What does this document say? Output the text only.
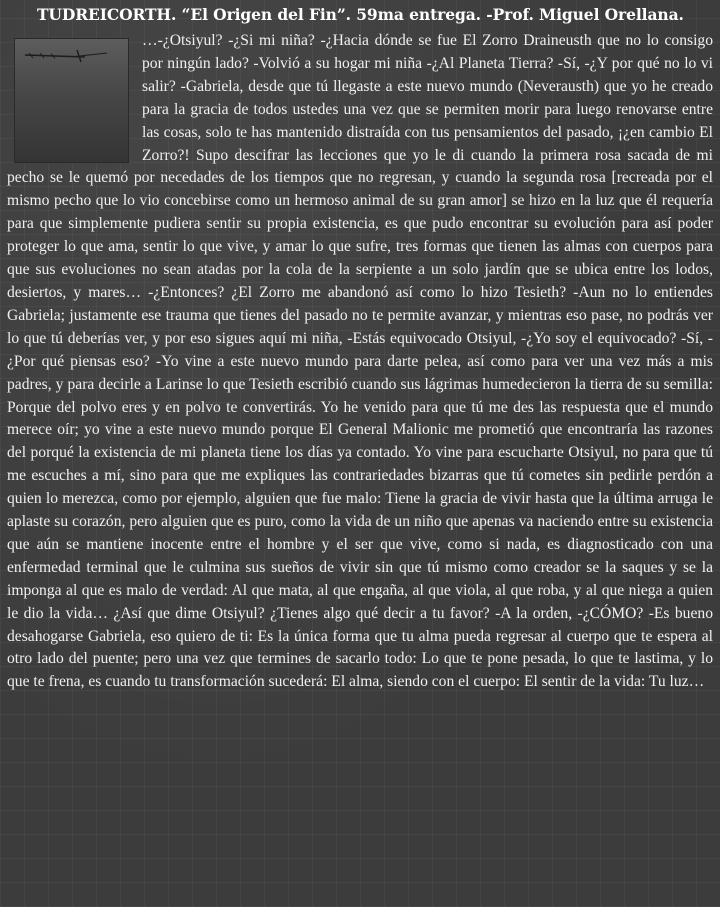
TUDREICORTH. “El Origen del Fin”. 59ma entrega. -Prof. Miguel Orellana.

…-¿Otsiyul? -¿Si mi niña? -¿Hacia dónde se fue El Zorro Draineusth que no lo consigo por ningún lado? -Volvió a su hogar mi niña -¿Al Planeta Tierra? -Sí, -¿Y por qué no lo vi salir? -Gabriela, desde que tú llegaste a este nuevo mundo (Neverausth) que yo he creado para la gracia de todos ustedes una vez que se permiten morir para luego renovarse entre las cosas, solo te has mantenido distraída con tus pensamientos del pasado, ¡¿en cambio El Zorro?! Supo descifrar las lecciones que yo le di cuando la primera rosa sacada de mi pecho se le quemó por necedades de los tiempos que no regresan, y cuando la segunda rosa [recreada por el mismo pecho que lo vio concebirse como un hermoso animal de su gran amor] se hizo en la luz que él requería para que simplemente pudiera sentir su propia existencia, es que pudo encontrar su evolución para así poder proteger lo que ama, sentir lo que vive, y amar lo que sufre, tres formas que tienen las almas con cuerpos para que sus evoluciones no sean atadas por la cola de la serpiente a un solo jardín que se ubica entre los lodos, desiertos, y mares… -¿Entonces? ¿El Zorro me abandonó así como lo hizo Tesieth? -Aun no lo entiendes Gabriela; justamente ese trauma que tienes del pasado no te permite avanzar, y mientras eso pase, no podrás ver lo que tú deberías ver, y por eso sigues aquí mi niña, -Estás equivocado Otsiyul, -¿Yo soy el equivocado? -Sí, -¿Por qué piensas eso? -Yo vine a este nuevo mundo para darte pelea, así como para ver una vez más a mis padres, y para decirle a Larinse lo que Tesieth escribió cuando sus lágrimas humedecieron la tierra de su semilla: Porque del polvo eres y en polvo te convertirás. Yo he venido para que tú me des las respuesta que el mundo merece oír; yo vine a este nuevo mundo porque El General Malionic me prometió que encontraría las razones del porqué la existencia de mi planeta tiene los días ya contado. Yo vine para escucharte Otsiyul, no para que tú me escuches a mí, sino para que me expliques las contrariedades bizarras que tú cometes sin pedirle perdón a quien lo merezca, como por ejemplo, alguien que fue malo: Tiene la gracia de vivir hasta que la última arruga le aplaste su corazón, pero alguien que es puro, como la vida de un niño que apenas va naciendo entre su existencia que aún se mantiene inocente entre el hombre y el ser que vive, como si nada, es diagnosticado con una enfermedad terminal que le culmina sus sueños de vivir sin que tú mismo como creador se la saques y se la imponga al que es malo de verdad: Al que mata, al que engaña, al que viola, al que roba, y al que niega a quien le dio la vida… ¿Así que dime Otsiyul? ¿Tienes algo qué decir a tu favor? -A la orden, -¿CÓMO? -Es bueno desahogarse Gabriela, eso quiero de ti: Es la única forma que tu alma pueda regresar al cuerpo que te espera al otro lado del puente; pero una vez que termines de sacarlo todo: Lo que te pone pesada, lo que te lastima, y lo que te frena, es cuando tu transformación sucederá: El alma, siendo con el cuerpo: El sentir de la vida: Tu luz…
